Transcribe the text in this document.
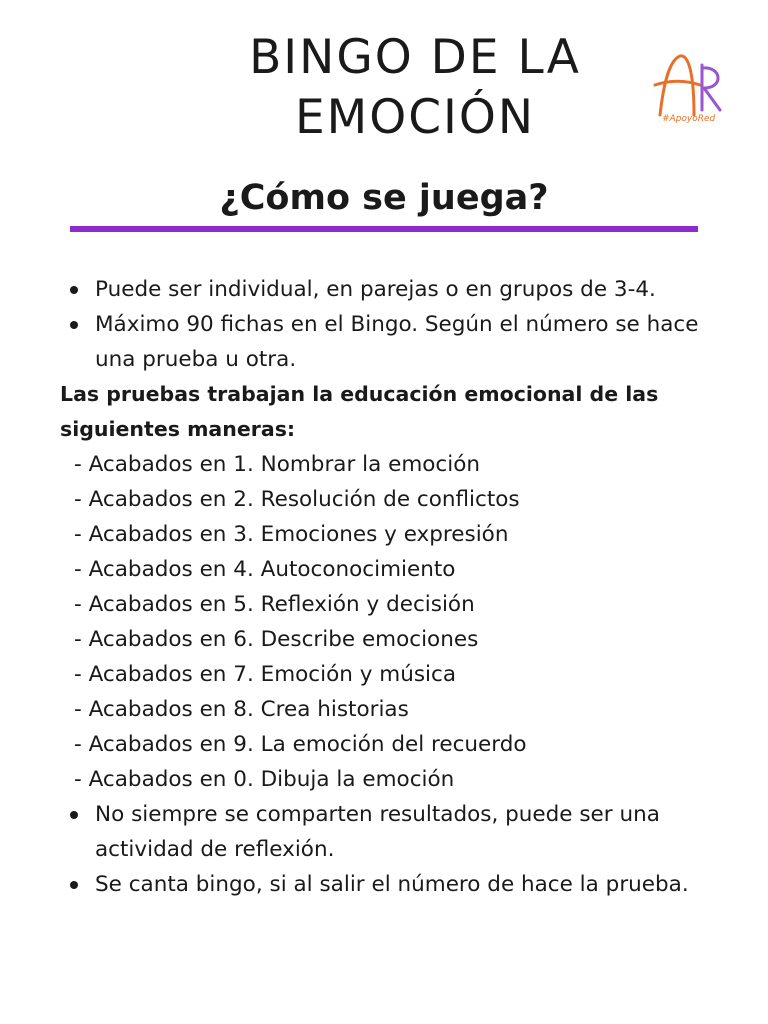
BINGO DE LA
EMOCIÓN	#ApoyoRed
¿Cómo se juega?

Puede ser individual, en parejas o en grupos de 3-4.

Máximo 90 fichas en el Bingo. Según el número se hace una prueba u otra.

Las pruebas trabajan la educación emocional de las siguientes maneras:

- Acabados en 1. Nombrar la emoción

- Acabados en 2. Resolución de conflictos

- Acabados en 3. Emociones y expresión

- Acabados en 4. Autoconocimiento

- Acabados en 5. Reflexión y decisión

- Acabados en 6. Describe emociones

- Acabados en 7. Emoción y música

- Acabados en 8. Crea historias

- Acabados en 9. La emoción del recuerdo

- Acabados en 0. Dibuja la emoción

No siempre se comparten resultados, puede ser una actividad de reflexión.

Se canta bingo, si al salir el número de hace la prueba.
